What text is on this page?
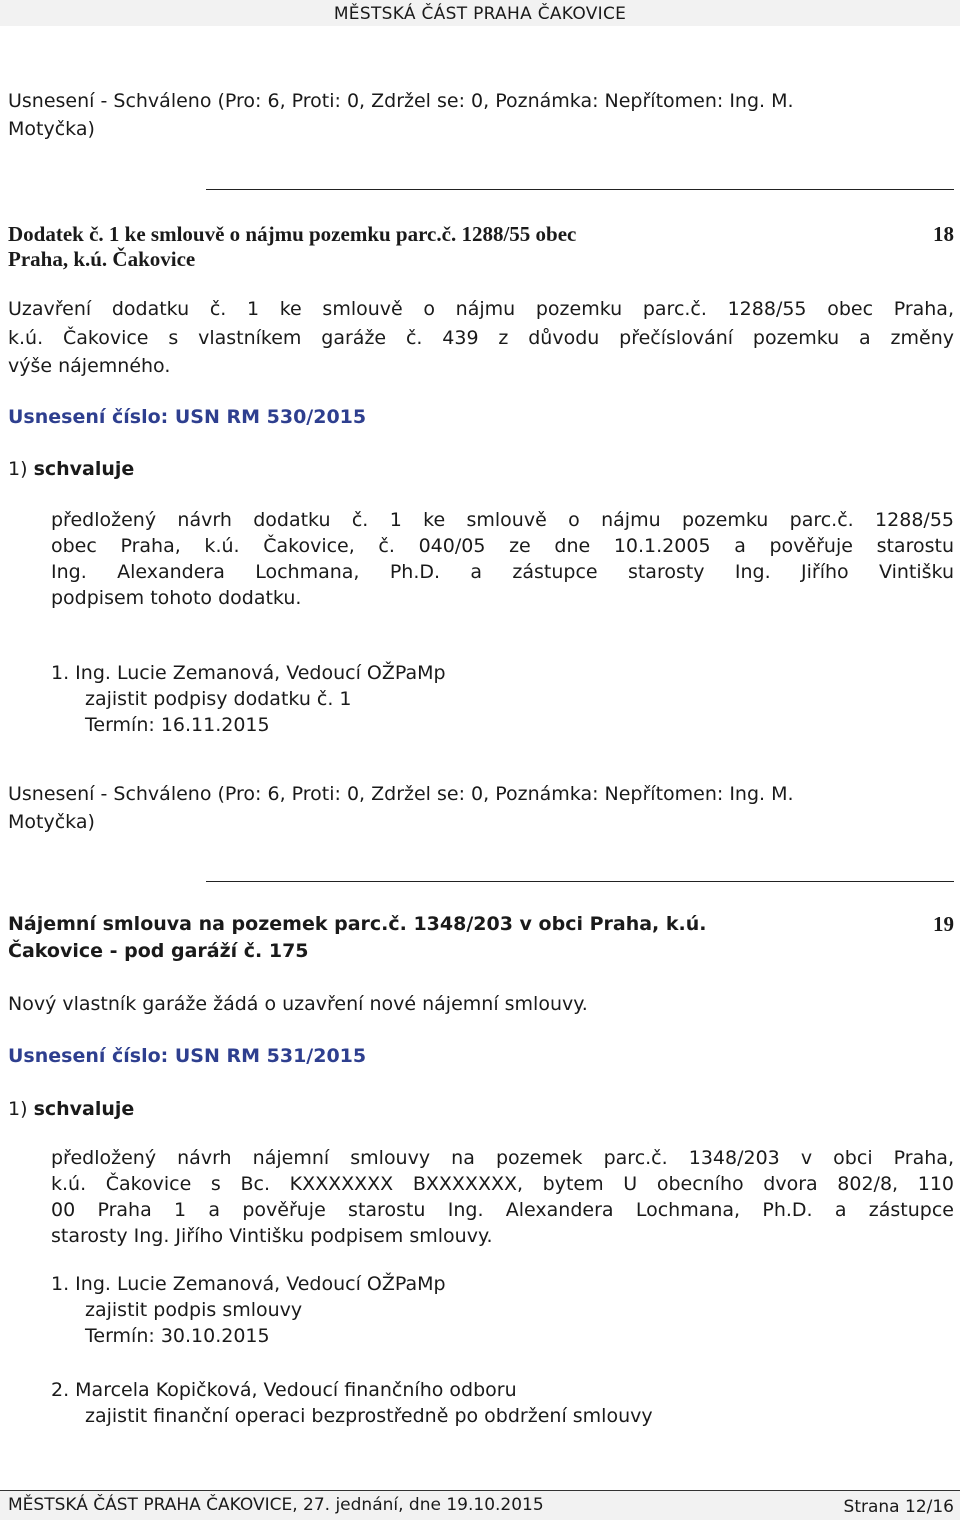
MĚSTSKÁ ČÁST PRAHA ČAKOVICE
Usnesení - Schváleno (Pro: 6, Proti: 0, Zdržel se: 0, Poznámka: Nepřítomen: Ing. M.
Motyčka)
Dodatek č. 1 ke smlouvě o nájmu pozemku parc.č. 1288/55 obec	18
Praha, k.ú. Čakovice
Uzavření dodatku č. 1 ke smlouvě o nájmu pozemku parc.č. 1288/55 obec Praha,
k.ú. Čakovice s vlastníkem garáže č. 439 z důvodu přečíslování pozemku a změny
výše nájemného.
Usnesení číslo: USN RM 530/2015
1) schvaluje
předložený návrh dodatku č. 1 ke smlouvě o nájmu pozemku parc.č. 1288/55
obec Praha, k.ú. Čakovice, č. 040/05 ze dne 10.1.2005 a pověřuje starostu
Ing. Alexandera Lochmana, Ph.D. a zástupce starosty Ing. Jiřího Vintišku
podpisem tohoto dodatku.
1. Ing. Lucie Zemanová, Vedoucí OŽPaMp
zajistit podpisy dodatku č. 1
Termín: 16.11.2015
Usnesení - Schváleno (Pro: 6, Proti: 0, Zdržel se: 0, Poznámka: Nepřítomen: Ing. M.
Motyčka)
Nájemní smlouva na pozemek parc.č. 1348/203 v obci Praha, k.ú.	19
Čakovice - pod garáží č. 175
Nový vlastník garáže žádá o uzavření nové nájemní smlouvy.
Usnesení číslo: USN RM 531/2015
1) schvaluje
předložený návrh nájemní smlouvy na pozemek parc.č. 1348/203 v obci Praha,
k.ú. Čakovice s Bc. KXXXXXXX BXXXXXXX, bytem U obecního dvora 802/8, 110
00 Praha 1 a pověřuje starostu Ing. Alexandera Lochmana, Ph.D. a zástupce
starosty Ing. Jiřího Vintišku podpisem smlouvy.
1. Ing. Lucie Zemanová, Vedoucí OŽPaMp
zajistit podpis smlouvy
Termín: 30.10.2015
2. Marcela Kopičková, Vedoucí finančního odboru
zajistit finanční operaci bezprostředně po obdržení smlouvy
MĚSTSKÁ ČÁST PRAHA ČAKOVICE, 27. jednání, dne 19.10.2015	Strana 12/16
